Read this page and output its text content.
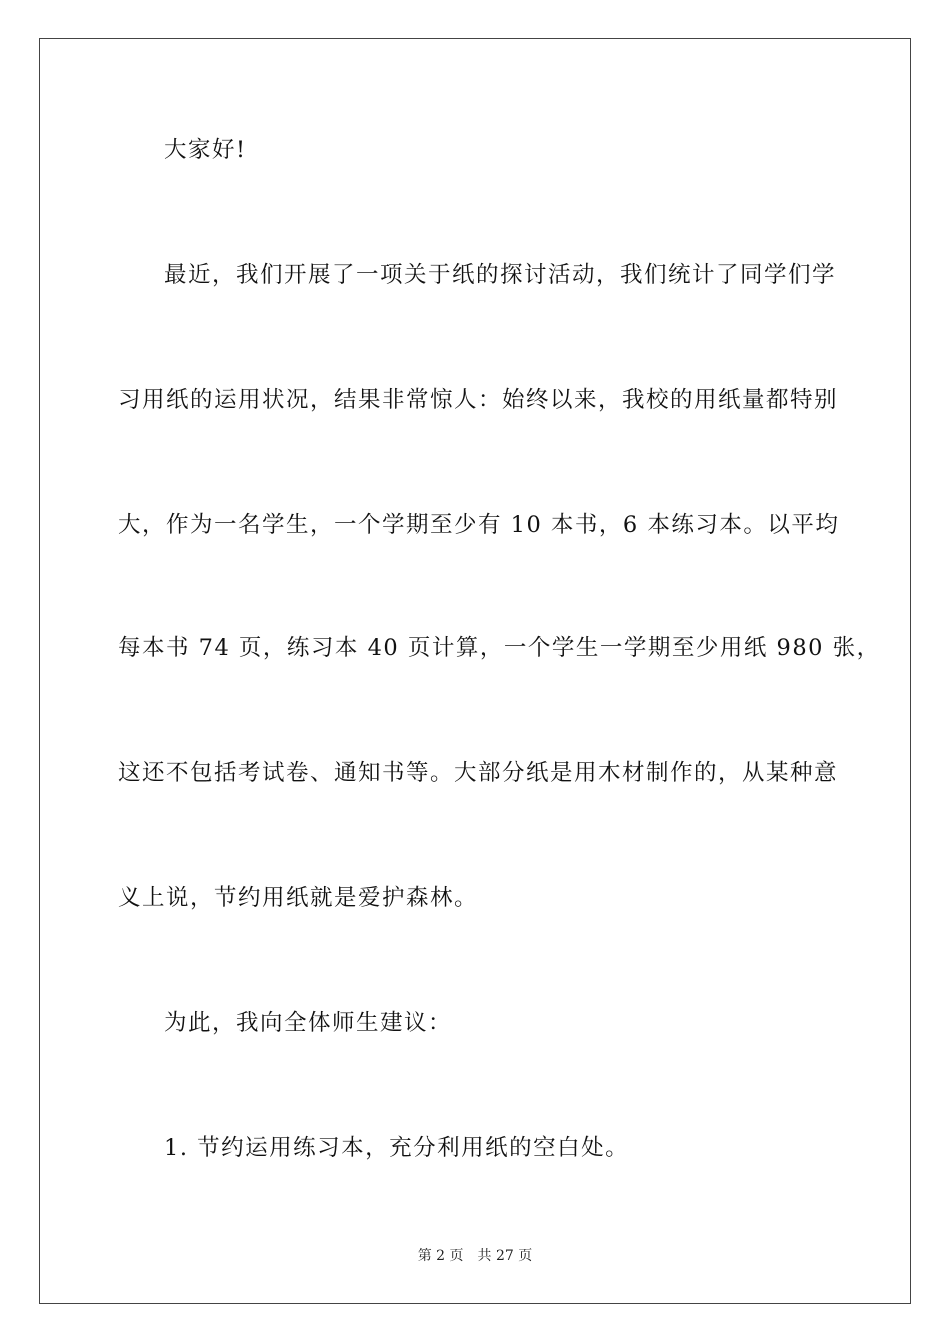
大家好!
最近，我们开展了一项关于纸的探讨活动，我们统计了同学们学
习用纸的运用状况，结果非常惊人：始终以来，我校的用纸量都特别
大，作为一名学生，一个学期至少有 10 本书，6 本练习本。以平均
每本书 74 页，练习本 40 页计算，一个学生一学期至少用纸 980 张，
这还不包括考试卷、通知书等。大部分纸是用木材制作的，从某种意
义上说，节约用纸就是爱护森林。
为此，我向全体师生建议：
1. 节约运用练习本，充分利用纸的空白处。
第 2 页 共 27 页
